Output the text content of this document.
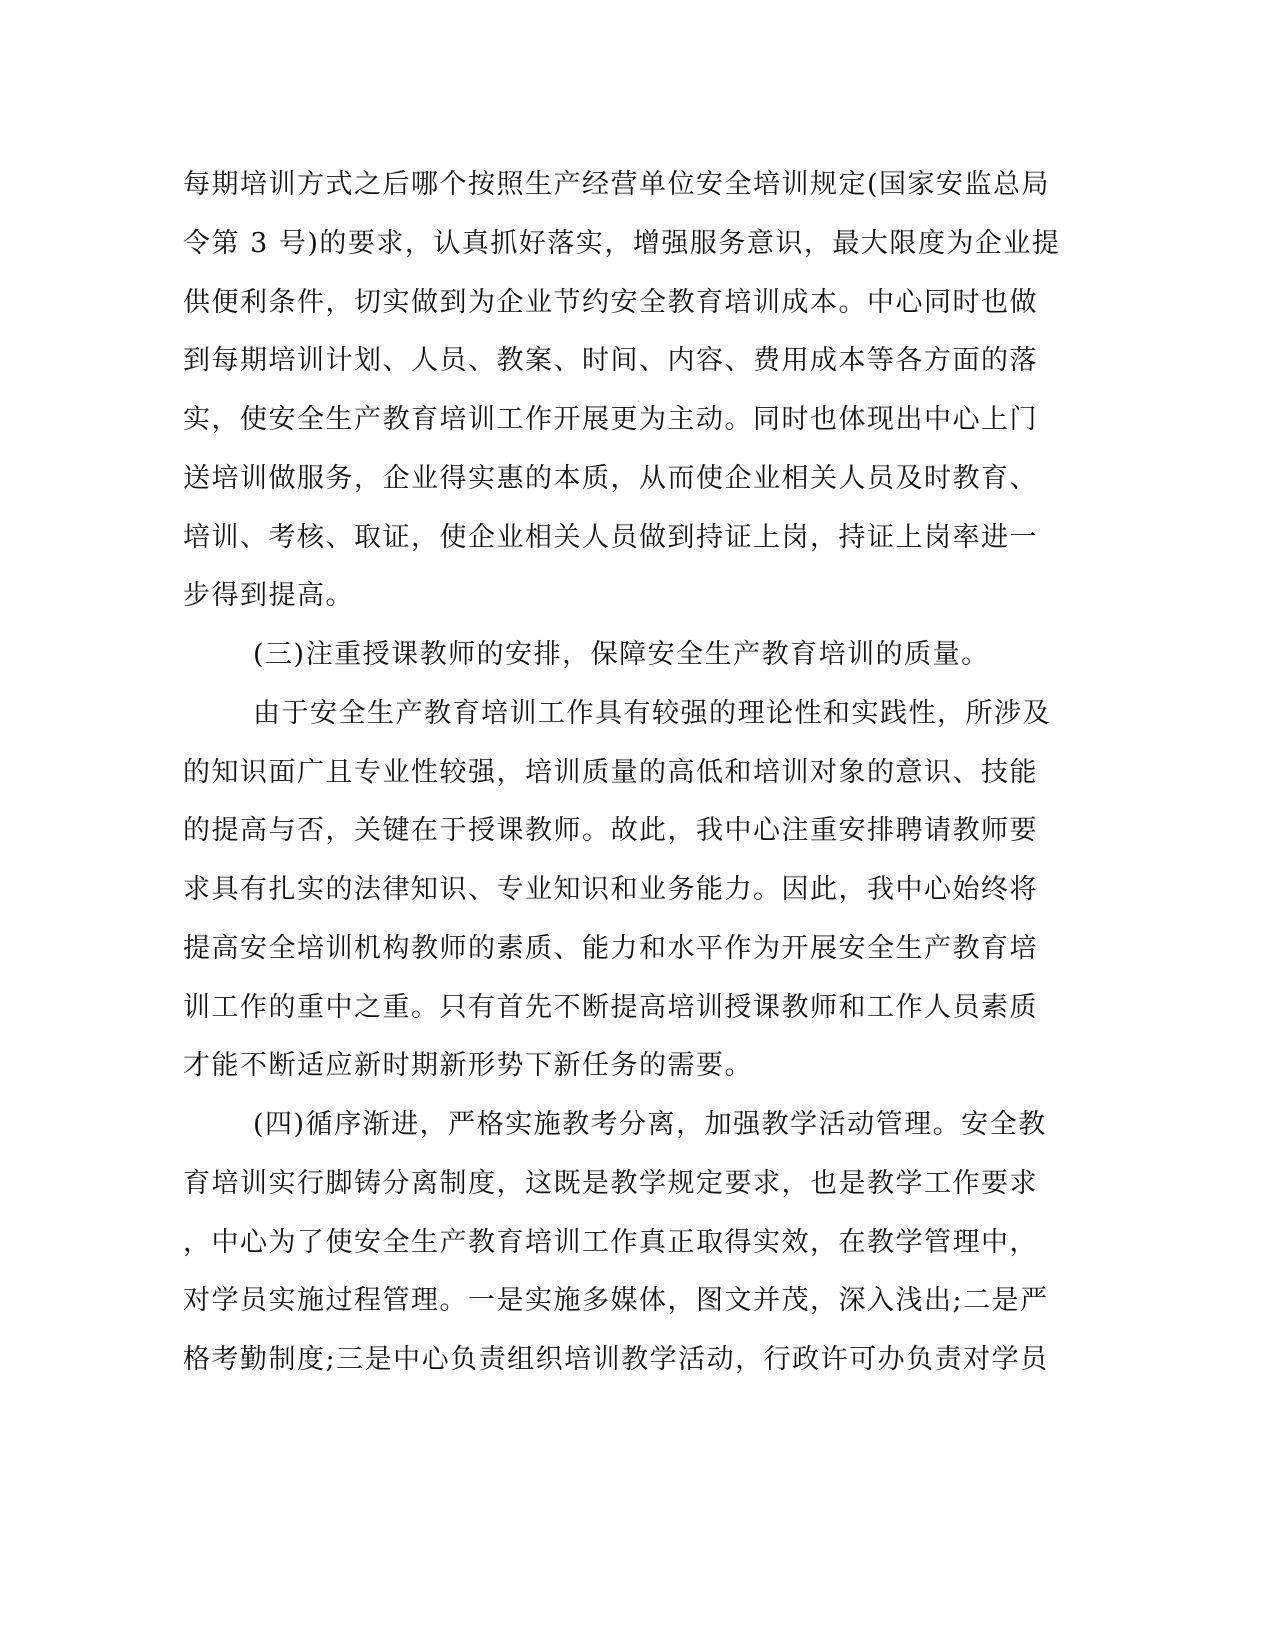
每期培训方式之后哪个按照生产经营单位安全培训规定(国家安监总局
令第 3 号)的要求，认真抓好落实，增强服务意识，最大限度为企业提
供便利条件，切实做到为企业节约安全教育培训成本。中心同时也做
到每期培训计划、人员、教案、时间、内容、费用成本等各方面的落
实，使安全生产教育培训工作开展更为主动。同时也体现出中心上门
送培训做服务，企业得实惠的本质，从而使企业相关人员及时教育、
培训、考核、取证，使企业相关人员做到持证上岗，持证上岗率进一
步得到提高。
(三)注重授课教师的安排，保障安全生产教育培训的质量。
由于安全生产教育培训工作具有较强的理论性和实践性，所涉及
的知识面广且专业性较强，培训质量的高低和培训对象的意识、技能
的提高与否，关键在于授课教师。故此，我中心注重安排聘请教师要
求具有扎实的法律知识、专业知识和业务能力。因此，我中心始终将
提高安全培训机构教师的素质、能力和水平作为开展安全生产教育培
训工作的重中之重。只有首先不断提高培训授课教师和工作人员素质
才能不断适应新时期新形势下新任务的需要。
(四)循序渐进，严格实施教考分离，加强教学活动管理。安全教
育培训实行脚铸分离制度，这既是教学规定要求，也是教学工作要求
，中心为了使安全生产教育培训工作真正取得实效，在教学管理中，
对学员实施过程管理。一是实施多媒体，图文并茂，深入浅出;二是严
格考勤制度;三是中心负责组织培训教学活动，行政许可办负责对学员
